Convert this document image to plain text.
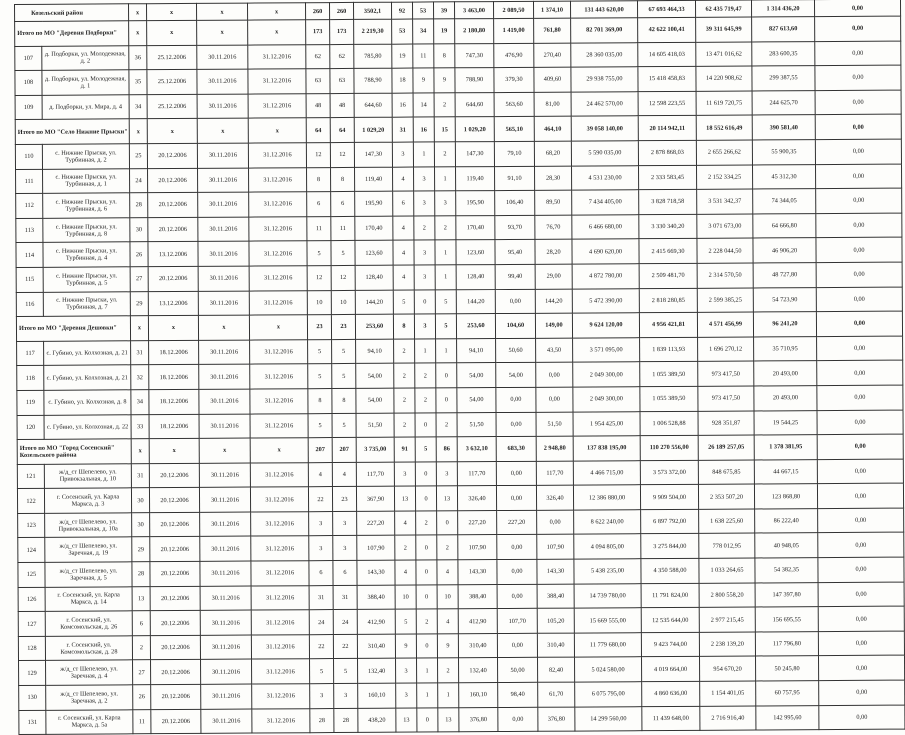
Козельский район		x	x	x	x	260	260	3502,1	92	53	39	3 463,00	2 089,50	1 374,10	131 443 620,00	67 693 464,33	62 435 719,47	1 314 436,20	0,00
Итого по МО "Деревня Подборки"		x	x	x	x	173	173	2 219,30	53	34	19	2 180,80	1 419,00	761,80	82 701 369,00	42 622 100,41	39 311 645,99	827 613,60	0,00
107	д. Подборки, ул. Молодежная, д. 2	36	25.12.2006	30.11.2016	31.12.2016	62	62	785,80	19	11	8	747,30	476,90	270,40	28 360 035,00	14 605 418,03	13 471 016,62	283 600,35	0,00
108	д. Подборки, ул. Молодежная, д. 1	35	25.12.2006	30.11.2016	31.12.2016	63	63	788,90	18	9	9	788,90	379,30	409,60	29 938 755,00	15 418 458,83	14 220 908,62	299 387,55	0,00
109	д. Подборки, ул. Мира, д. 4	34	25.12.2006	30.11.2016	31.12.2016	48	48	644,60	16	14	2	644,60	563,60	81,00	24 462 570,00	12 598 223,55	11 619 720,75	244 625,70	0,00
Итого по МО "Село Нижние Прыски"		x	x	x	x	64	64	1 029,20	31	16	15	1 029,20	565,10	464,10	39 058 140,00	20 114 942,11	18 552 616,49	390 581,40	0,00
110	с. Нижние Прыски, ул. Турбинная, д. 2	25	20.12.2006	30.11.2016	31.12.2016	12	12	147,30	3	1	2	147,30	79,10	68,20	5 590 035,00	2 878 868,03	2 655 266,62	55 900,35	0,00
111	с. Нижние Прыски, ул. Турбинная, д. 1	24	20.12.2006	30.11.2016	31.12.2016	8	8	119,40	4	3	1	119,40	91,10	28,30	4 531 230,00	2 333 583,45	2 152 334,25	45 312,30	0,00
112	с. Нижние Прыски, ул. Турбинная, д. 6	28	20.12.2006	30.11.2016	31.12.2016	6	6	195,90	6	3	3	195,90	106,40	89,50	7 434 405,00	3 828 718,58	3 531 342,37	74 344,05	0,00
113	с. Нижние Прыски, ул. Турбинная, д. 8	30	20.12.2006	30.11.2016	31.12.2016	11	11	170,40	4	2	2	170,40	93,70	76,70	6 466 680,00	3 330 340,20	3 071 673,00	64 666,80	0,00
114	с. Нижние Прыски, ул. Турбинная, д. 4	26	13.12.2006	30.11.2016	31.12.2016	5	5	123,60	4	3	1	123,60	95,40	28,20	4 690 620,00	2 415 669,30	2 228 044,50	46 906,20	0,00
115	с. Нижние Прыски, ул. Турбинная, д. 5	27	20.12.2006	30.11.2016	31.12.2016	12	12	128,40	4	3	1	128,40	99,40	29,00	4 872 780,00	2 509 481,70	2 314 570,50	48 727,80	0,00
116	с. Нижние Прыски, ул. Турбинная, д. 7	29	13.12.2006	30.11.2016	31.12.2016	10	10	144,20	5	0	5	144,20	0,00	144,20	5 472 390,00	2 818 280,85	2 599 385,25	54 723,90	0,00
Итого по МО "Деревня Дешовки"		x	x	x	x	23	23	253,60	8	3	5	253,60	104,60	149,00	9 624 120,00	4 956 421,81	4 571 456,99	96 241,20	0,00
117	с. Губино, ул. Колхозная, д. 21	31	18.12.2006	30.11.2016	31.12.2016	5	5	94,10	2	1	1	94,10	50,60	43,50	3 571 095,00	1 839 113,93	1 696 270,12	35 710,95	0,00
118	с. Губино, ул. Колхозная, д. 21	32	18.12.2006	30.11.2016	31.12.2016	5	5	54,00	2	2	0	54,00	54,00	0,00	2 049 300,00	1 055 389,50	973 417,50	20 493,00	0,00
119	с. Губино, ул. Колхозная, д. 8	34	18.12.2006	30.11.2016	31.12.2016	8	8	54,00	2	2	0	54,00	0,00	0,00	2 049 300,00	1 055 389,50	973 417,50	20 493,00	0,00
120	с. Губино, ул. Колхозная, д. 22	33	18.12.2006	30.11.2016	31.12.2016	5	5	51,50	2	0	2	51,50	0,00	51,50	1 954 425,00	1 006 528,88	928 351,87	19 544,25	0,00
Итого по МО "Город Сосенский" Козельского района		x	x	x	x	207	207	3 735,00	91	5	86	3 632,10	683,30	2 948,80	137 838 195,00	110 270 556,00	26 189 257,05	1 378 381,95	0,00
121	ж/д_ст Шепелево, ул. Привокзальная, д. 10	31	20.12.2006	30.11.2016	31.12.2016	4	4	117,70	3	0	3	117,70	0,00	117,70	4 466 715,00	3 573 372,00	848 675,85	44 667,15	0,00
122	г. Сосенский, ул. Карла Маркса, д. 3	30	20.12.2006	30.11.2016	31.12.2016	22	23	367,90	13	0	13	326,40	0,00	326,40	12 386 880,00	9 909 504,00	2 353 507,20	123 868,80	0,00
123	ж/д_ст Шепелево, ул. Привокзальная, д. 10а	30	20.12.2006	30.11.2016	31.12.2016	3	3	227,20	4	2	0	227,20	227,20	0,00	8 622 240,00	6 897 792,00	1 638 225,60	86 222,40	0,00
124	ж/д_ст Шепелево, ул. Заречная, д. 19	29	20.12.2006	30.11.2016	31.12.2016	3	3	107,90	2	0	2	107,90	0,00	107,90	4 094 805,00	3 275 844,00	778 012,95	40 948,05	0,00
125	ж/д_ст Шепелево, ул. Заречная, д. 5	28	20.12.2006	30.11.2016	31.12.2016	6	6	143,30	4	0	4	143,30	0,00	143,30	5 438 235,00	4 350 588,00	1 033 264,65	54 382,35	0,00
126	г. Сосенский, ул. Карла Маркса, д. 14	13	20.12.2006	30.11.2016	31.12.2016	31	31	388,40	10	0	10	388,40	0,00	388,40	14 739 780,00	11 791 824,00	2 800 558,20	147 397,80	0,00
127	г. Сосенский, ул. Комсомольская, д. 26	6	20.12.2006	30.11.2016	31.12.2016	24	24	412,90	5	2	4	412,90	107,70	105,20	15 669 555,00	12 535 644,00	2 977 215,45	156 695,55	0,00
128	г. Сосенский, ул. Комсомольская, д. 28	2	20.12.2006	30.11.2016	31.12.2016	22	22	310,40	9	0	9	310,40	0,00	310,40	11 779 680,00	9 423 744,00	2 238 139,20	117 796,80	0,00
129	ж/д_ст Шепелево, ул. Заречная, д. 4	27	20.12.2006	30.11.2016	31.12.2016	5	5	132,40	3	1	2	132,40	50,00	82,40	5 024 580,00	4 019 664,00	954 670,20	50 245,80	0,00
130	ж/д_ст Шепелево, ул. Заречная, д. 2	26	20.12.2006	30.11.2016	31.12.2016	3	3	160,10	3	1	1	160,10	98,40	61,70	6 075 795,00	4 860 636,00	1 154 401,05	60 757,95	0,00
131	г. Сосенский, ул. Карла Маркса, д. 5а	11	20.12.2006	30.11.2016	31.12.2016	28	28	438,20	13	0	13	376,80	0,00	376,80	14 299 560,00	11 439 648,00	2 716 916,40	142 995,60	0,00
